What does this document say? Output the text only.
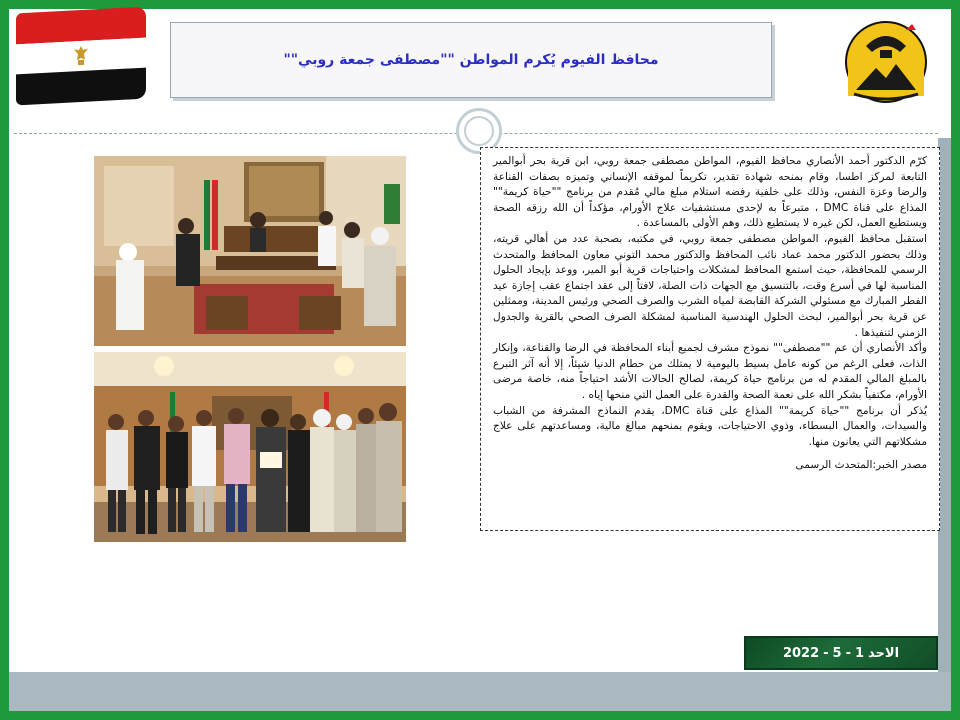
محافظ الفيوم يُكرم المواطن ""مصطفى جمعة روبي""

كرّم الدكتور أحمد الأنصاري محافظ الفيوم، المواطن مصطفى جمعة روبي، ابن قرية بحر أبوالمير التابعة لمركز اطسا، وقام بمنحه شهادة تقدير، تكريماً لموقفه الإنساني وتميزه بصفات القناعة والرضا وعزة النفس، وذلك على خلفية رفضه استلام مبلغ مالي مُقدم من برنامج ""حياة كريمة"" المذاع على قناة DMC ، متبرعاً به لإحدى مستشفيات علاج الأورام، مؤكداً أن الله رزقه الصحة ويستطيع العمل، لكن غيره لا يستطيع ذلك، وهم الأولى بالمساعدة .

استقبل محافظ الفيوم، المواطن مصطفى جمعة روبي، في مكتبه، بصحبة عدد من أهالي قريته، وذلك بحضور الدكتور محمد عماد نائب المحافظ والدكتور محمد التوني معاون المحافظ والمتحدث الرسمي للمحافظة، حيث استمع المحافظ لمشكلات واحتياجات قرية أبو المير، ووعد بإيجاد الحلول المناسبة لها في أسرع وقت، بالتنسيق مع الجهات ذات الصلة، لافتاً إلى عقد اجتماع عقب إجازة عيد الفطر المبارك مع مسئولي الشركة القابضة لمياه الشرب والصرف الصحي ورئيس المدينة، وممثلين عن قرية بحر أبوالمير، لبحث الحلول الهندسية المناسبة لمشكلة الصرف الصحي بالقرية والجدول الزمني لتنفيذها .

وأكد الأنصاري أن عم ""مصطفى"" نموذج مشرف لجميع أبناء المحافظة في الرضا والقناعة، وإنكار الذات، فعلى الرغم من كونه عامل بسيط باليومية لا يمتلك من حطام الدنيا شيئاً، إلا أنه آثر التبرع بالمبلغ المالي المقدم له من برنامج حياة كريمة، لصالح الحالات الأشد احتياجاً منه، خاصة مرضى الأورام، مكتفياً بشكر الله على نعمة الصحة والقدرة على العمل التي منحها إياه .

يُذكر أن برنامج ""حياة كريمة"" المذاع على قناة DMC، يقدم النماذج المشرفة من الشباب والسيدات، والعمال البسطاء، وذوي الاحتياجات، ويقوم بمنحهم مبالغ مالية، ومساعدتهم على علاج مشكلاتهم التي يعانون منها.

مصدر الخبر:المتحدث الرسمى

الاحد
1
-
5
-
2022
